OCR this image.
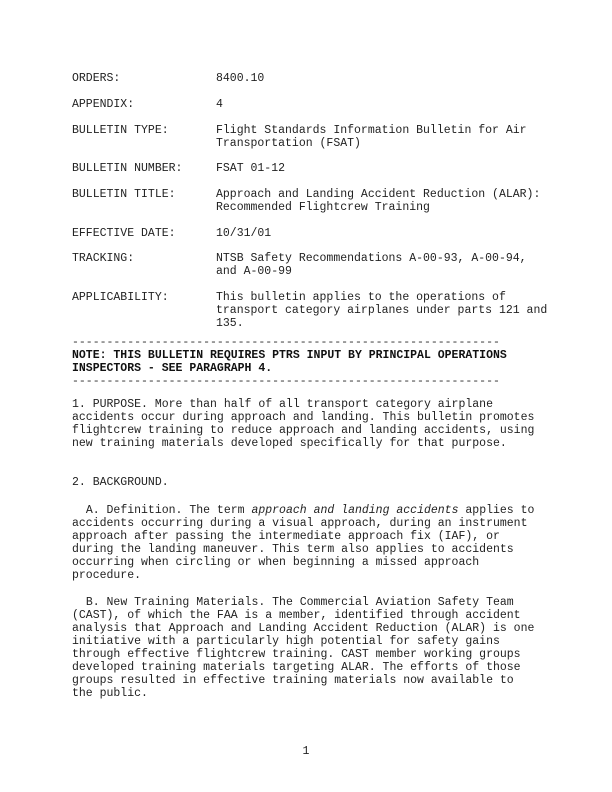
ORDERS:	8400.10
APPENDIX:	4
BULLETIN TYPE:	Flight Standards Information Bulletin for Air Transportation (FSAT)
BULLETIN NUMBER:	FSAT 01-12
BULLETIN TITLE:	Approach and Landing Accident Reduction (ALAR): Recommended Flightcrew Training
EFFECTIVE DATE:	10/31/01
TRACKING:	NTSB Safety Recommendations A-00-93, A-00-94, and A-00-99
APPLICABILITY:	This bulletin applies to the operations of transport category airplanes under parts 121 and 135.
--------------------------------------------------------------
NOTE: THIS BULLETIN REQUIRES PTRS INPUT BY PRINCIPAL OPERATIONS INSPECTORS - SEE PARAGRAPH 4.
--------------------------------------------------------------

1. PURPOSE. More than half of all transport category airplane accidents occur during approach and landing. This bulletin promotes flightcrew training to reduce approach and landing accidents, using new training materials developed specifically for that purpose.

2. BACKGROUND.

A. Definition. The term approach and landing accidents applies to accidents occurring during a visual approach, during an instrument approach after passing the intermediate approach fix (IAF), or during the landing maneuver. This term also applies to accidents occurring when circling or when beginning a missed approach procedure.

B. New Training Materials. The Commercial Aviation Safety Team (CAST), of which the FAA is a member, identified through accident analysis that Approach and Landing Accident Reduction (ALAR) is one initiative with a particularly high potential for safety gains through effective flightcrew training. CAST member working groups developed training materials targeting ALAR. The efforts of those groups resulted in effective training materials now available to the public.

1
